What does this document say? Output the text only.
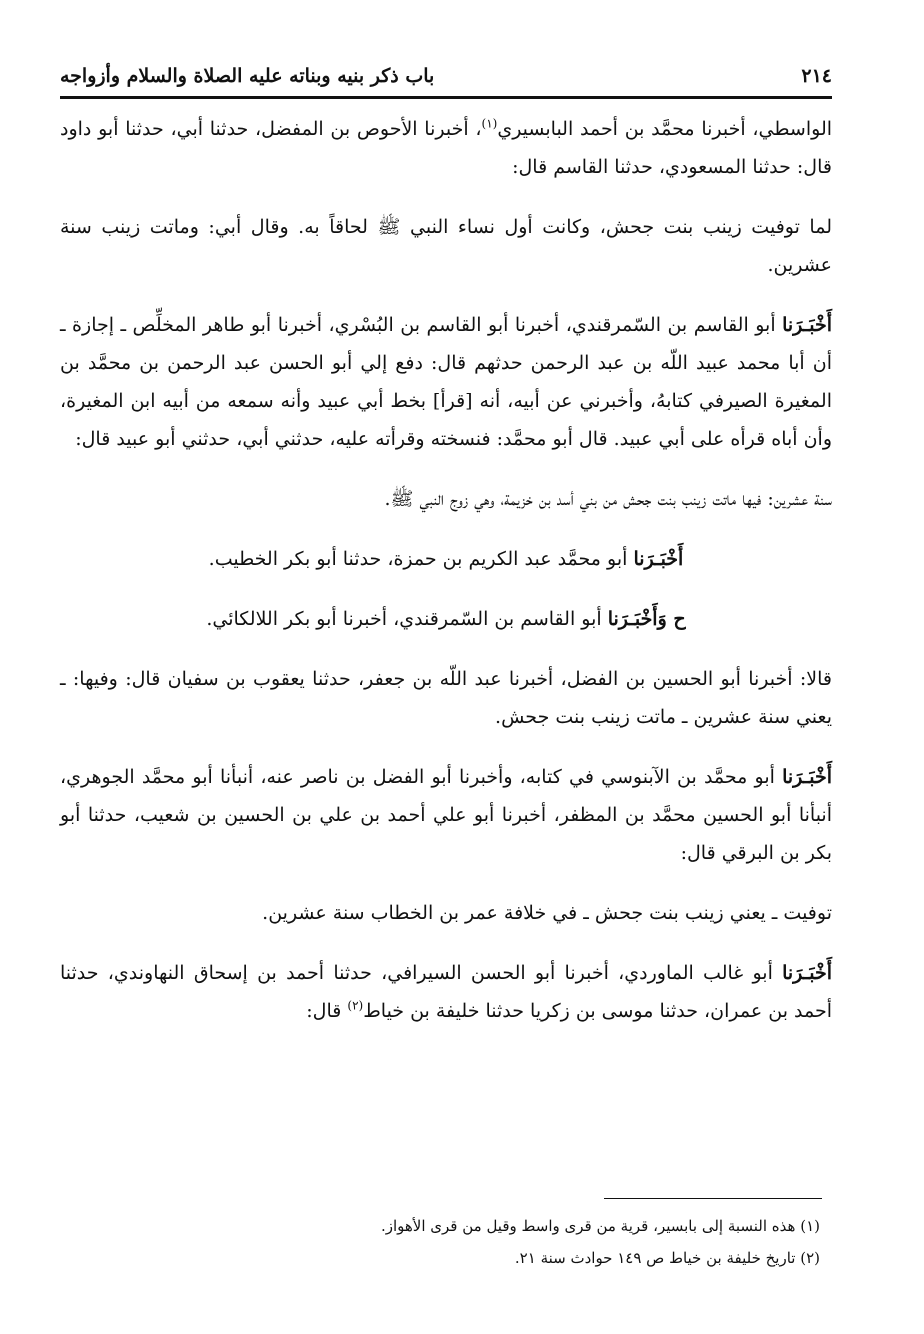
٢١٤
باب ذكر بنيه وبناته عليه الصلاة والسلام وأزواجه

الواسطي، أخبرنا محمَّد بن أحمد البابسيري$^{(١)}$، أخبرنا الأحوص بن المفضل، حدثنا أبي، حدثنا أبو داود قال: حدثنا المسعودي، حدثنا القاسم قال:

لما توفيت زينب بنت جحش، وكانت أول نساء النبي ﷺ لحاقاً به. وقال أبي: وماتت زينب سنة عشرين.

أَخْبَـرَنا أبو القاسم بن السّمرقندي، أخبرنا أبو القاسم بن البُسْري، أخبرنا أبو طاهر المخلِّص ـ إجازة ـ أن أبا محمد عبيد اللّه بن عبد الرحمن حدثهم قال: دفع إلي أبو الحسن عبد الرحمن بن محمَّد بن المغيرة الصيرفي كتابهُ، وأخبرني عن أبيه، أنه [قرأ] بخط أبي عبيد وأنه سمعه من أبيه ابن المغيرة، وأن أباه قرأه على أبي عبيد. قال أبو محمَّد: فنسخته وقرأته عليه، حدثني أبي، حدثني أبو عبيد قال:

سنة عشرين: فيها ماتت زينب بنت جحش من بني أسد بن خزيمة، وهي زوج النبي ﷺ.

أَخْبَـرَنا أبو محمَّد عبد الكريم بن حمزة، حدثنا أبو بكر الخطيب.

ح وَأَخْبَـرَنا أبو القاسم بن السّمرقندي، أخبرنا أبو بكر اللالكائي.

قالا: أخبرنا أبو الحسين بن الفضل، أخبرنا عبد اللّه بن جعفر، حدثنا يعقوب بن سفيان قال: وفيها: ـ يعني سنة عشرين ـ ماتت زينب بنت جحش.

أَخْبَـرَنا أبو محمَّد بن الآبنوسي في كتابه، وأخبرنا أبو الفضل بن ناصر عنه، أنبأنا أبو محمَّد الجوهري، أنبأنا أبو الحسين محمَّد بن المظفر، أخبرنا أبو علي أحمد بن علي بن الحسين بن شعيب، حدثنا أبو بكر بن البرقي قال:

توفيت ـ يعني زينب بنت جحش ـ في خلافة عمر بن الخطاب سنة عشرين.

أَخْبَـرَنا أبو غالب الماوردي، أخبرنا أبو الحسن السيرافي، حدثنا أحمد بن إسحاق النهاوندي، حدثنا أحمد بن عمران، حدثنا موسى بن زكريا حدثنا خليفة بن خياط$^{(٢)}$ قال:

(١) هذه النسبة إلى بابسير، قرية من قرى واسط وقيل من قرى الأهواز.
(٢) تاريخ خليفة بن خياط ص ١٤٩ حوادث سنة ٢١.
